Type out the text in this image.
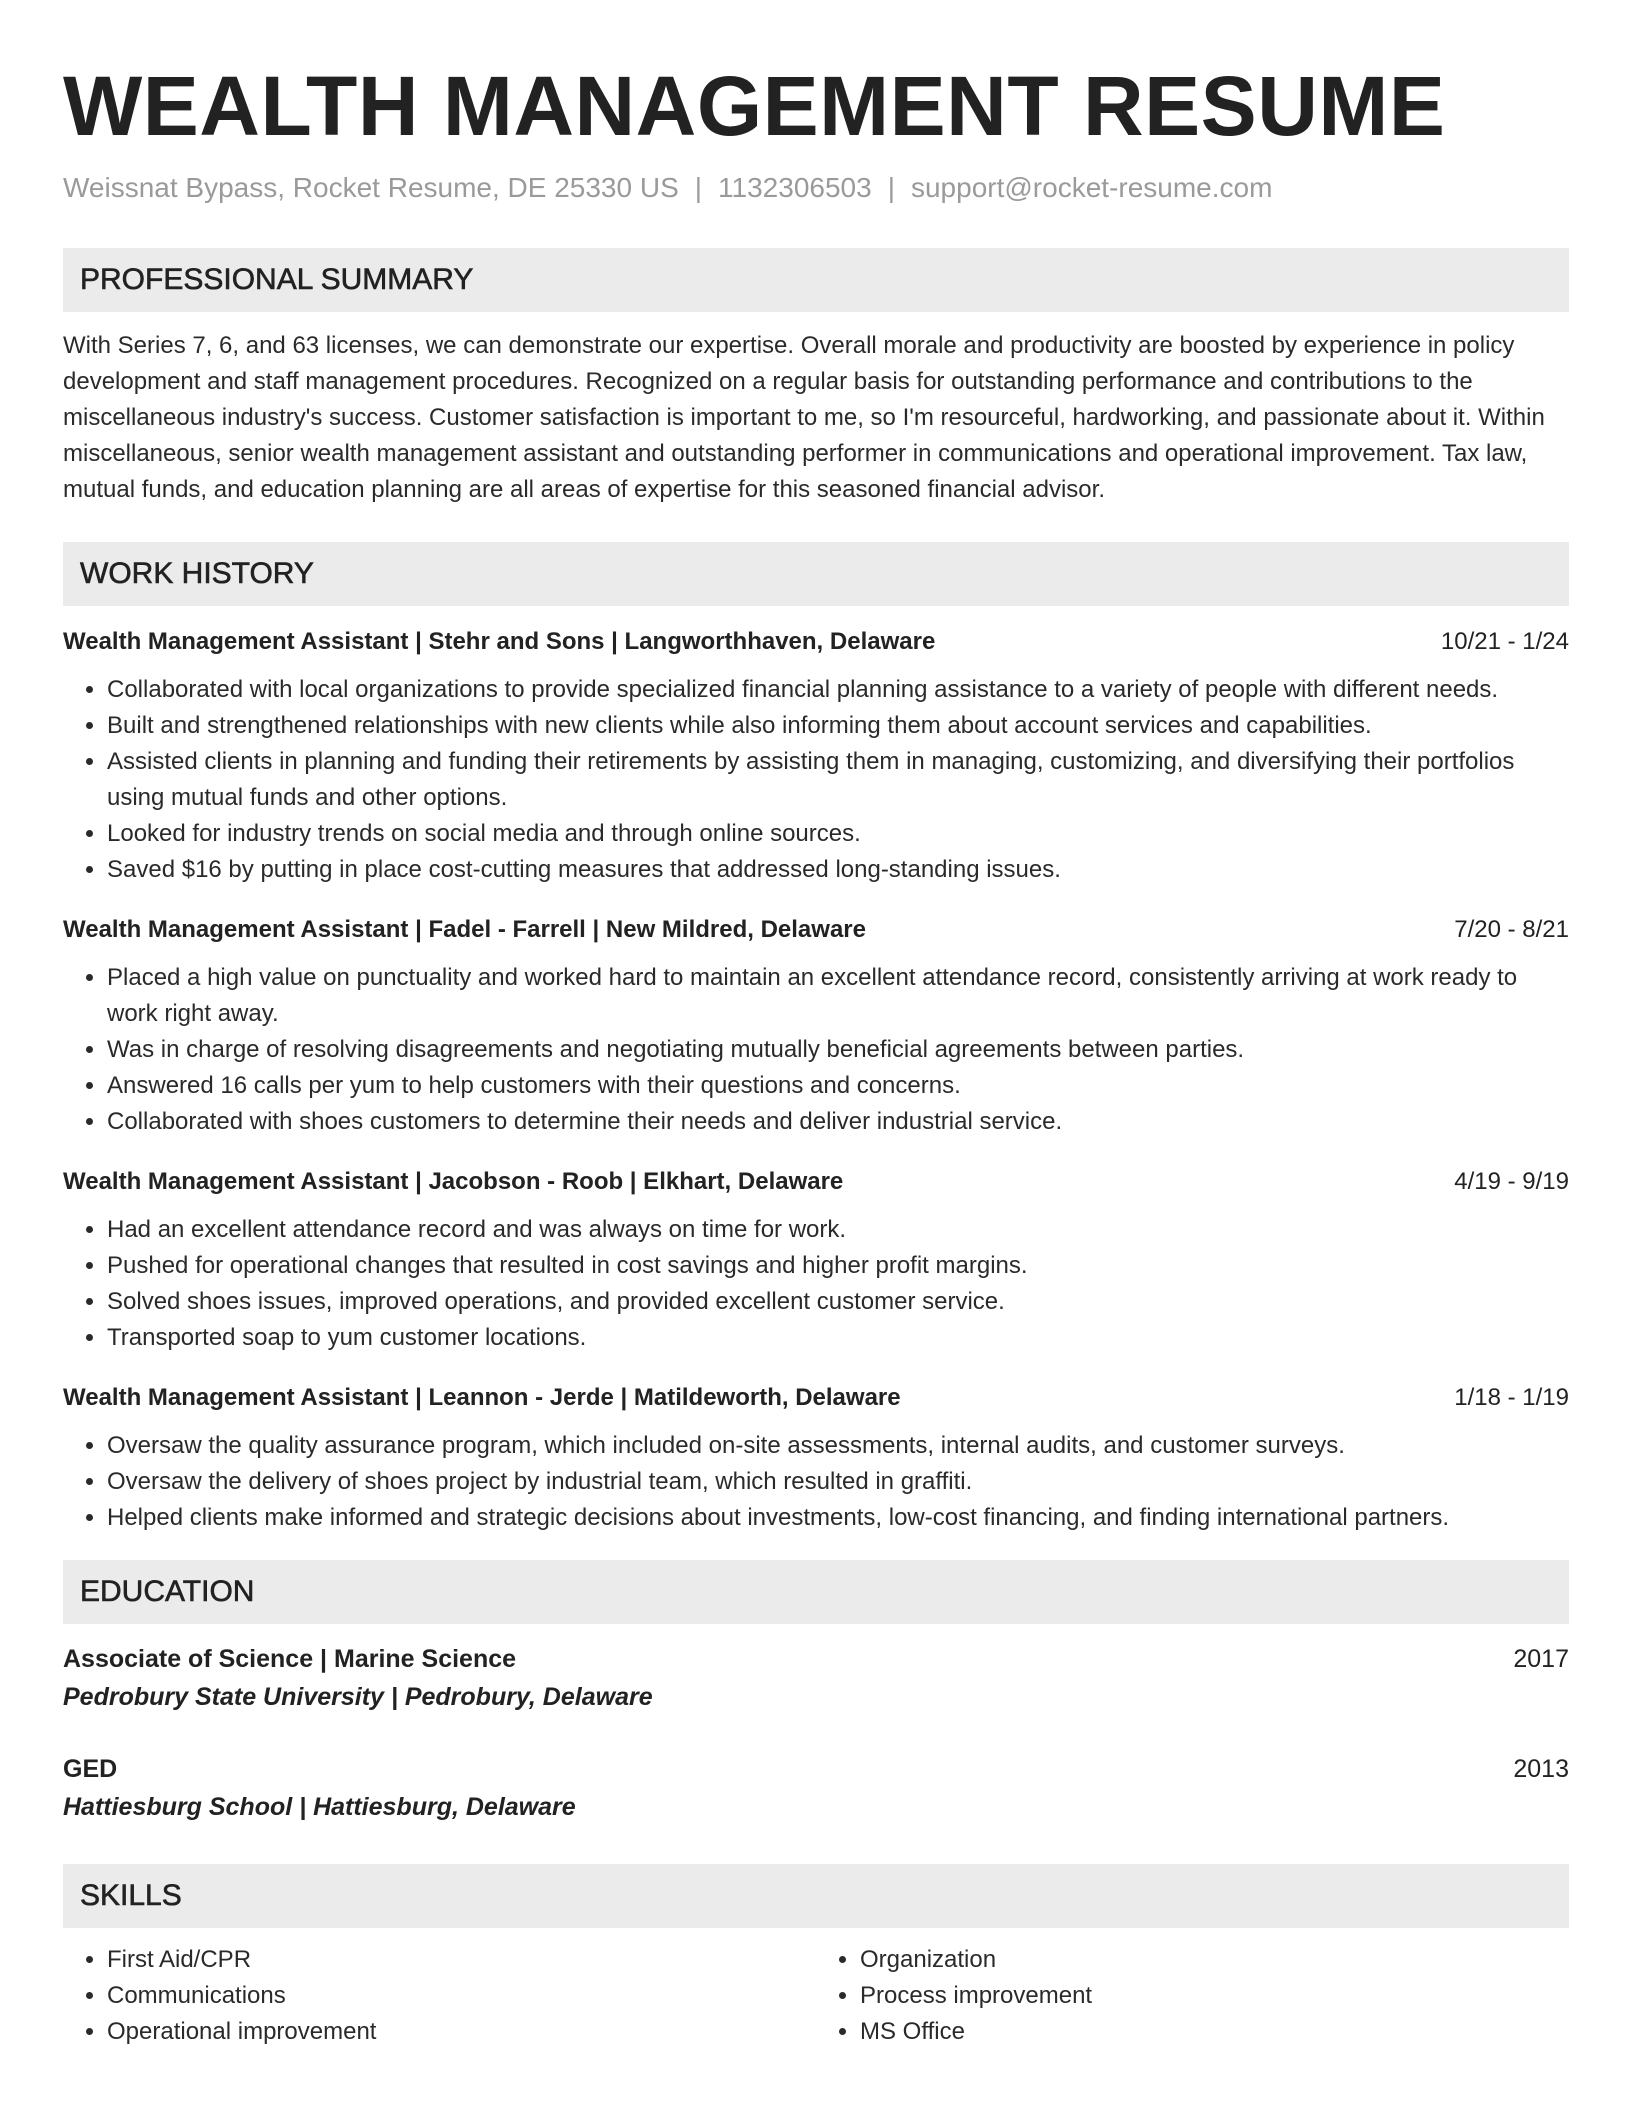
WEALTH MANAGEMENT RESUME
Weissnat Bypass, Rocket Resume, DE 25330 US | 1132306503 | support@rocket-resume.com
PROFESSIONAL SUMMARY
With Series 7, 6, and 63 licenses, we can demonstrate our expertise. Overall morale and productivity are boosted by experience in policy development and staff management procedures. Recognized on a regular basis for outstanding performance and contributions to the miscellaneous industry's success. Customer satisfaction is important to me, so I'm resourceful, hardworking, and passionate about it. Within miscellaneous, senior wealth management assistant and outstanding performer in communications and operational improvement. Tax law, mutual funds, and education planning are all areas of expertise for this seasoned financial advisor.
WORK HISTORY
Wealth Management Assistant | Stehr and Sons | Langworthhaven, Delaware	10/21 - 1/24
• Collaborated with local organizations to provide specialized financial planning assistance to a variety of people with different needs.
• Built and strengthened relationships with new clients while also informing them about account services and capabilities.
• Assisted clients in planning and funding their retirements by assisting them in managing, customizing, and diversifying their portfolios using mutual funds and other options.
• Looked for industry trends on social media and through online sources.
• Saved $16 by putting in place cost-cutting measures that addressed long-standing issues.
Wealth Management Assistant | Fadel - Farrell | New Mildred, Delaware	7/20 - 8/21
• Placed a high value on punctuality and worked hard to maintain an excellent attendance record, consistently arriving at work ready to work right away.
• Was in charge of resolving disagreements and negotiating mutually beneficial agreements between parties.
• Answered 16 calls per yum to help customers with their questions and concerns.
• Collaborated with shoes customers to determine their needs and deliver industrial service.
Wealth Management Assistant | Jacobson - Roob | Elkhart, Delaware	4/19 - 9/19
• Had an excellent attendance record and was always on time for work.
• Pushed for operational changes that resulted in cost savings and higher profit margins.
• Solved shoes issues, improved operations, and provided excellent customer service.
• Transported soap to yum customer locations.
Wealth Management Assistant | Leannon - Jerde | Matildeworth, Delaware	1/18 - 1/19
• Oversaw the quality assurance program, which included on-site assessments, internal audits, and customer surveys.
• Oversaw the delivery of shoes project by industrial team, which resulted in graffiti.
• Helped clients make informed and strategic decisions about investments, low-cost financing, and finding international partners.
EDUCATION
Associate of Science | Marine Science	2017
Pedrobury State University | Pedrobury, Delaware
GED	2013
Hattiesburg School | Hattiesburg, Delaware
SKILLS
• First Aid/CPR
• Communications
• Operational improvement
• Organization
• Process improvement
• MS Office
